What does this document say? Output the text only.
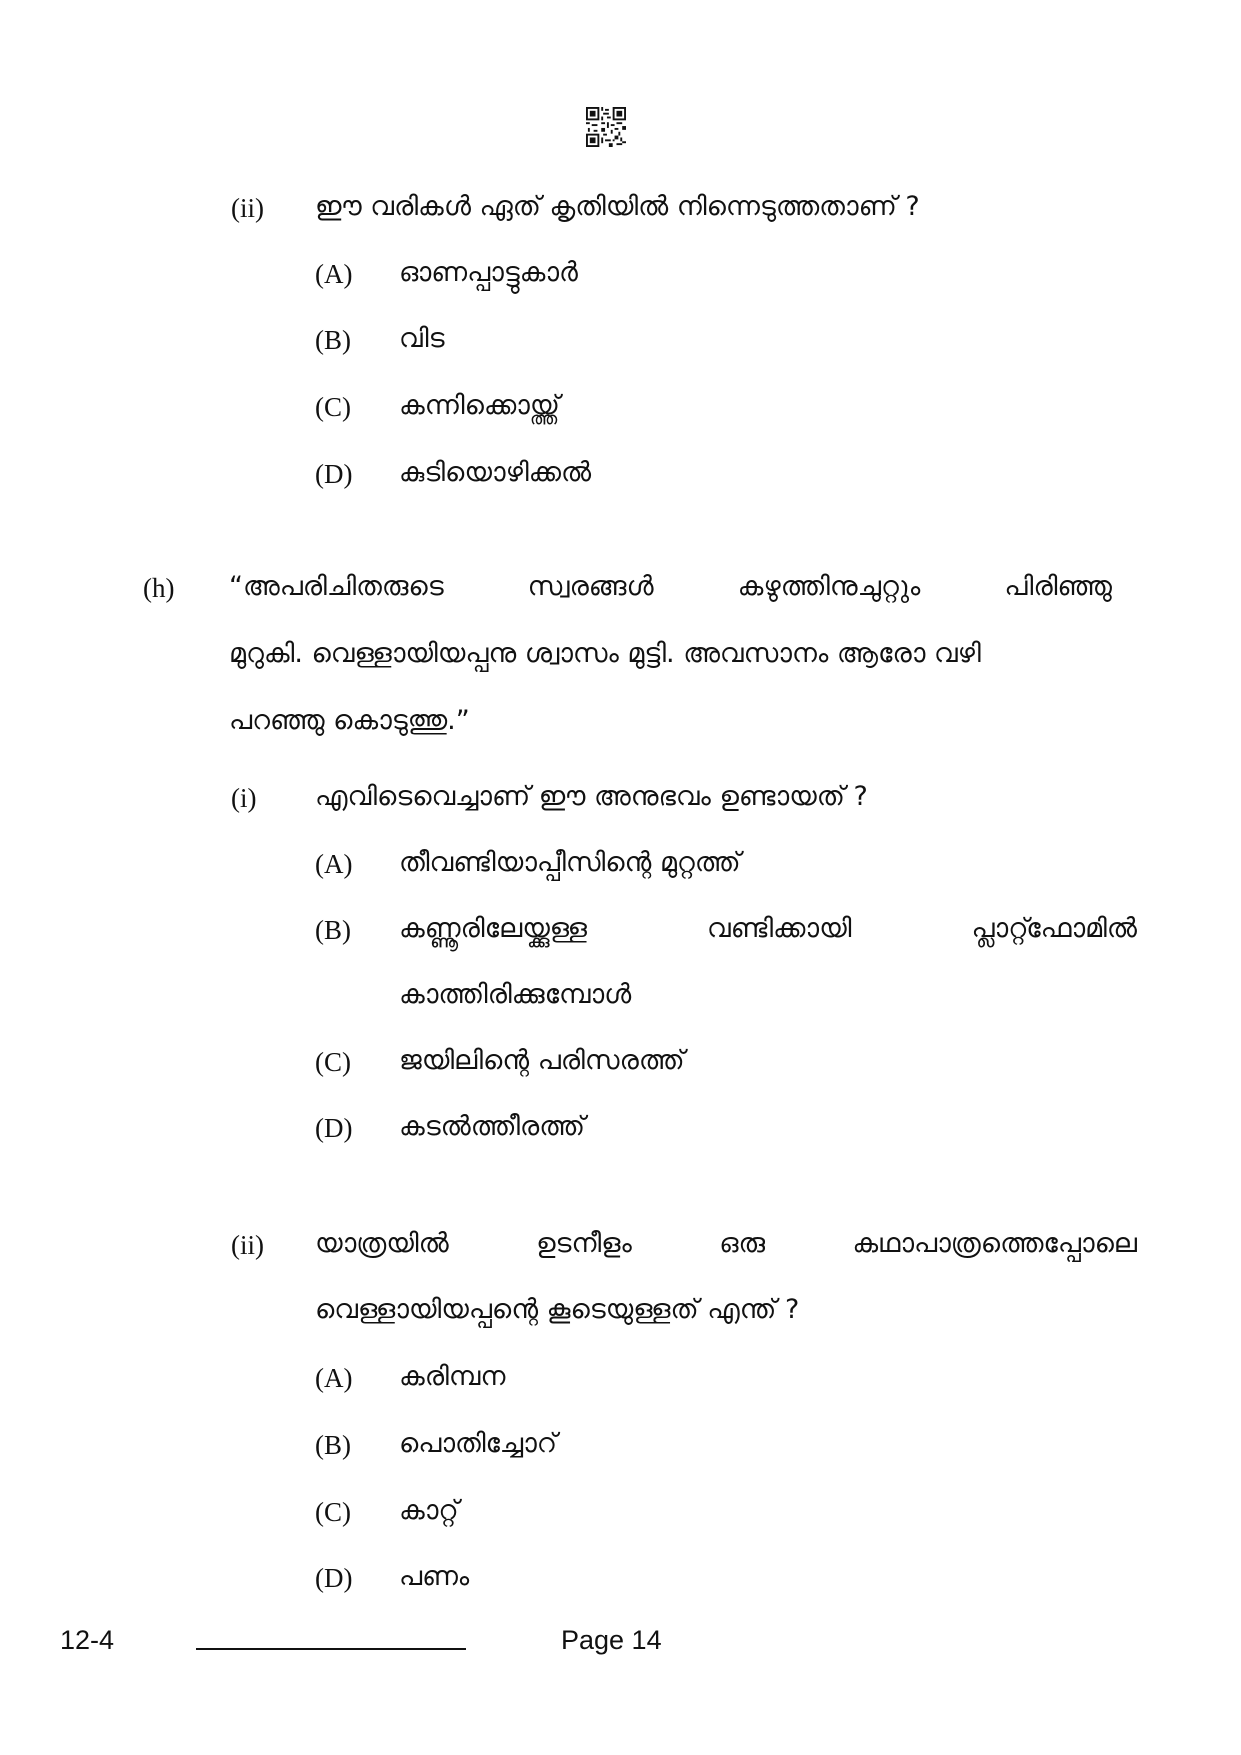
(ii) ഈ വരികൾ ഏത് കൃതിയിൽ നിന്നെടുത്തതാണ് ?
(A) ഓണപ്പാട്ടുകാർ
(B) വിട
(C) കന്നിക്കൊയ്ത്ത്
(D) കുടിയൊഴിക്കൽ
(h) “അപരിചിതരുടെ	സ്വരങ്ങൾ	കഴുത്തിനുചുറ്റും	പിരിഞ്ഞു
മുറുകി. വെള്ളായിയപ്പനു ശ്വാസം മുട്ടി. അവസാനം ആരോ വഴി
പറഞ്ഞു കൊടുത്തു.”
(i) എവിടെവെച്ചാണ് ഈ അനുഭവം ഉണ്ടായത് ?
(A) തീവണ്ടിയാപ്പീസിന്റെ മുറ്റത്ത്
(B) കണ്ണൂരിലേയ്ക്കുള്ള	വണ്ടിക്കായി	പ്ലാറ്റ്ഫോമിൽ
കാത്തിരിക്കുമ്പോൾ
(C) ജയിലിന്റെ പരിസരത്ത്
(D) കടൽത്തീരത്ത്
(ii) യാത്രയിൽ	ഉടനീളം	ഒരു	കഥാപാത്രത്തെപ്പോലെ
വെള്ളായിയപ്പന്റെ കൂടെയുള്ളത് എന്ത് ?
(A) കരിമ്പന
(B) പൊതിച്ചോറ്
(C) കാറ്റ്
(D) പണം
12-4	Page 14
